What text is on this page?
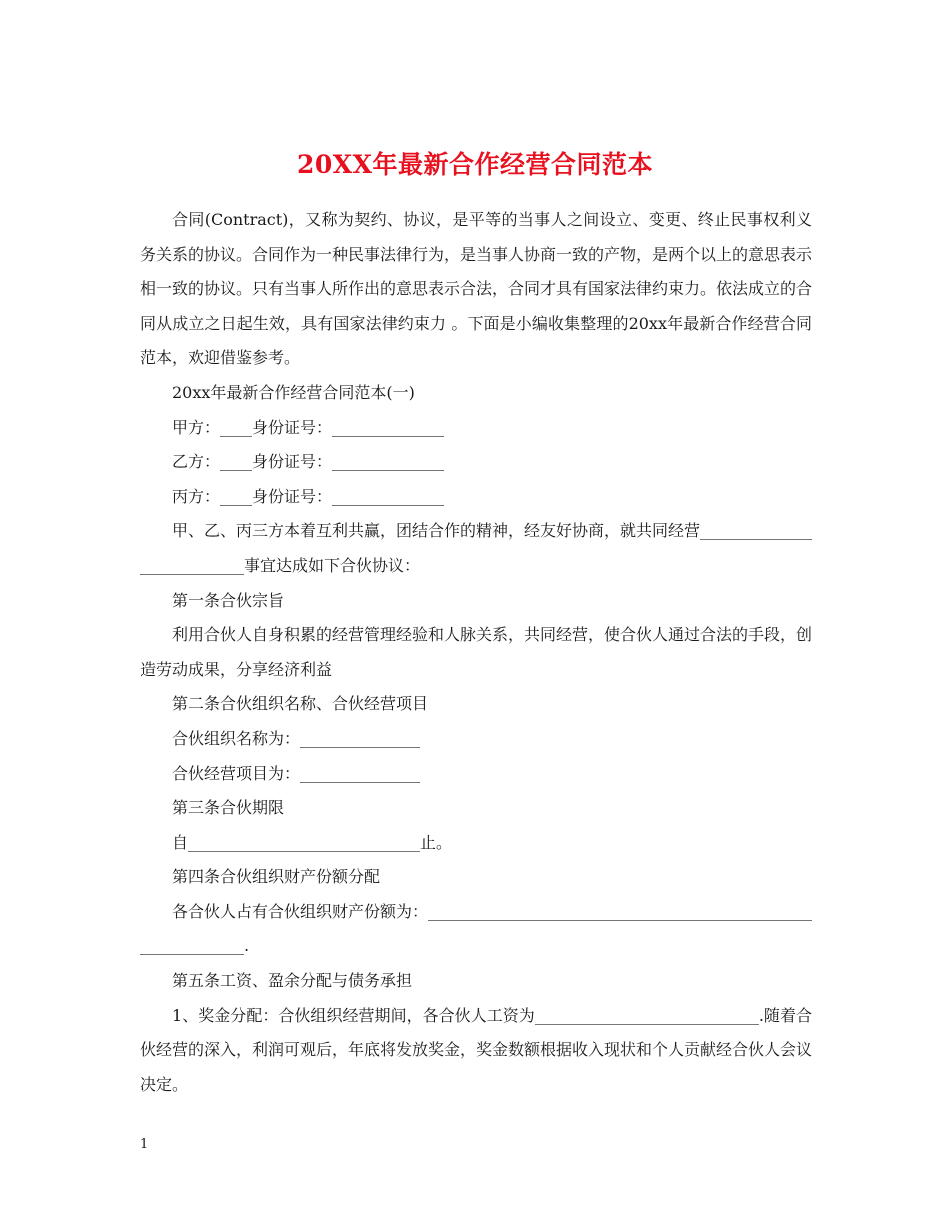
20XX年最新合作经营合同范本

合同(Contract)，又称为契约、协议，是平等的当事人之间设立、变更、终止民事权利义务关系的协议。合同作为一种民事法律行为，是当事人协商一致的产物，是两个以上的意思表示相一致的协议。只有当事人所作出的意思表示合法，合同才具有国家法律约束力。依法成立的合同从成立之日起生效，具有国家法律约束力 。下面是小编收集整理的20xx年最新合作经营合同范本，欢迎借鉴参考。

20xx年最新合作经营合同范本(一)

甲方：____身份证号：______________

乙方：____身份证号：______________

丙方：____身份证号：______________

甲、乙、丙三方本着互利共赢，团结合作的精神，经友好协商，就共同经营___________________________事宜达成如下合伙协议：

第一条合伙宗旨

利用合伙人自身积累的经营管理经验和人脉关系，共同经营，使合伙人通过合法的手段，创造劳动成果，分享经济利益

第二条合伙组织名称、合伙经营项目

合伙组织名称为：_______________

合伙经营项目为：_______________

第三条合伙期限

自_____________________________止。

第四条合伙组织财产份额分配

各合伙人占有合伙组织财产份额为：_____________________________________________________________.

第五条工资、盈余分配与债务承担

1、奖金分配：合伙组织经营期间，各合伙人工资为____________________________.随着合伙经营的深入，利润可观后，年底将发放奖金，奖金数额根据收入现状和个人贡献经合伙人会议决定。

1
